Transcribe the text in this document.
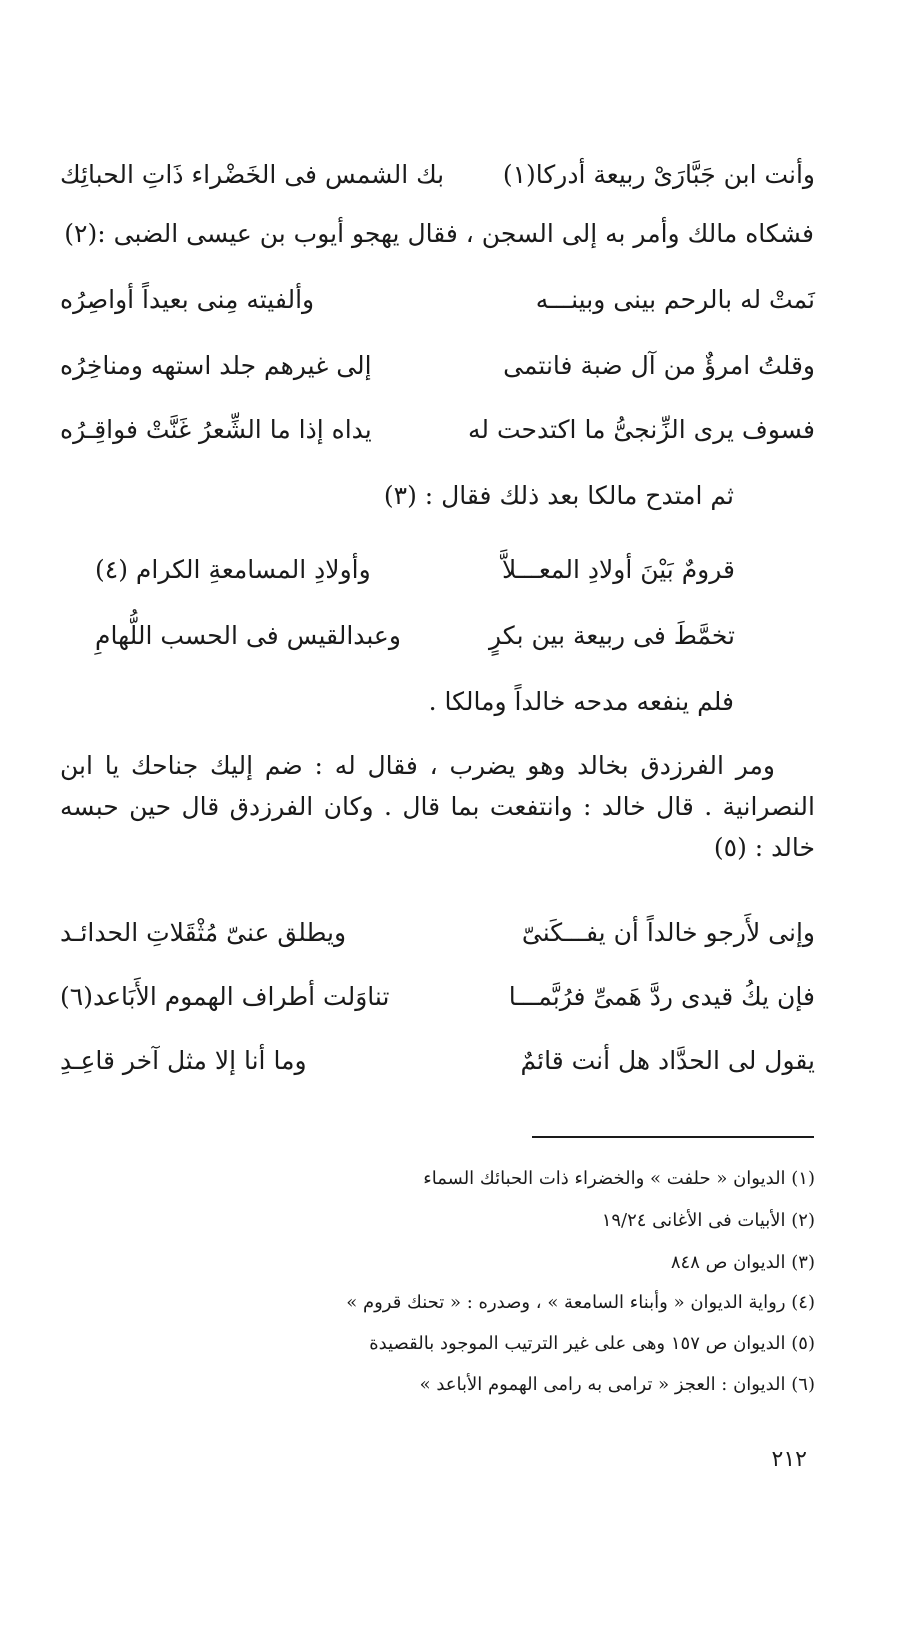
بك الشمس فى الخَضْراء ذَاتِ الحبائِك وأنت ابن جَبَّارَىْ ربيعة أدركا(١)
فشكاه مالك وأمر به إلى السجن ، فقال يهجو أيوب بن عيسى الضبى :(٢)
وألفيته مِنى بعيداً أواصِرُه	نَمتْ له بالرحم بينى وبينـــه
إلى غيرهم جلد استهه ومناخِرُه	وقلتُ امرؤٌ من آل ضبة فانتمى
يداه إذا ما الشِّعرُ غَنَّتْ فواقِـرُه	فسوف يرى الزِّنجىُّ ما اكتدحت له
ثم امتدح مالكا بعد ذلك فقال : (٣)
وأولادِ المسامعةِ الكرام (٤)	قرومٌ بَيْنَ أولادِ المعـــلاَّ
وعبدالقيس فى الحسب اللُّهامِ	تخمَّطَ فى ربيعة بين بكرٍ
فلم ينفعه مدحه خالداً ومالكا .
ومر الفرزدق بخالد وهو يضرب ، فقال له : ضم إليك جناحك يا ابن النصرانية . قال خالد : وانتفعت بما قال . وكان الفرزدق قال حين حبسه خالد : (٥)
ويطلق عنىّ مُثْقَلاتِ الحدائـد	وإنى لأَرجو خالداً أن يفـــكَنىّ
تناوَلت أطراف الهموم الأَبَاعد(٦)	فإن يكُ قيدى ردَّ هَمىِّ فرُبَّمـــا
وما أنا إلا مثل آخر قاعِـدِ	يقول لى الحدَّاد هل أنت قائمٌ
(١) الديوان « حلفت » والخضراء ذات الحبائك السماء
(٢) الأبيات فى الأغانى ١٩/٢٤
(٣) الديوان ص ٨٤٨
(٤) رواية الديوان « وأبناء السامعة » ، وصدره : « تحنك قروم »
(٥) الديوان ص ١٥٧ وهى على غير الترتيب الموجود بالقصيدة
(٦) الديوان : العجز « ترامى به رامى الهموم الأباعد »
٢١٢
